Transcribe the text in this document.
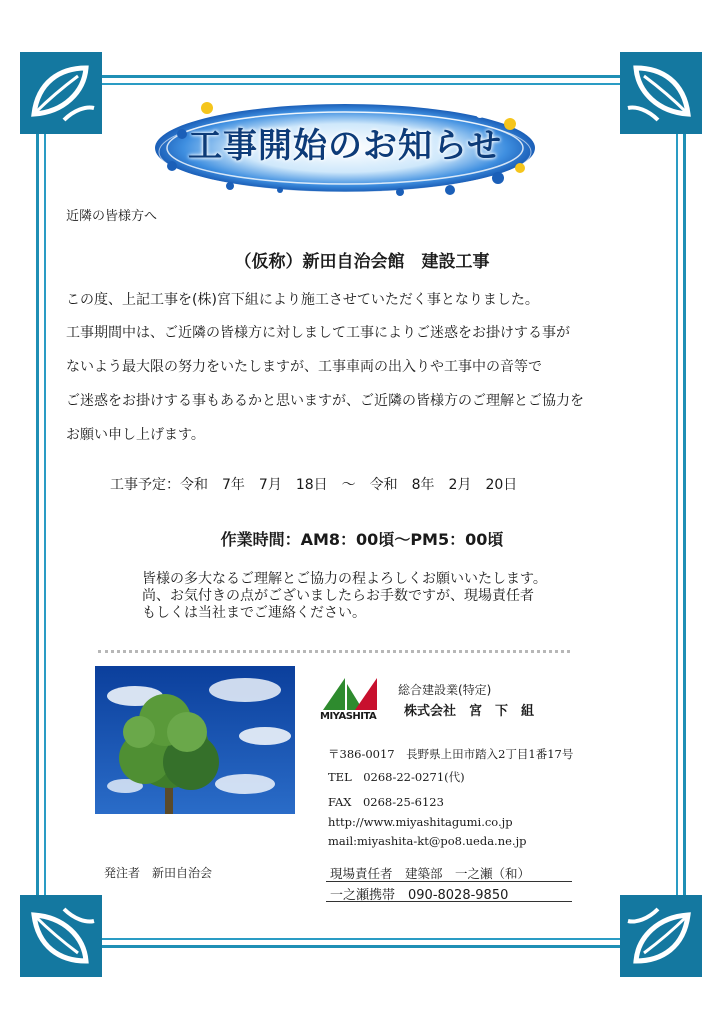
工事開始のお知らせ
近隣の皆様方へ
（仮称）新田自治会館　建設工事
この度、上記工事を(株)宮下組により施工させていただく事となりました。
工事期間中は、ご近隣の皆様方に対しまして工事によりご迷惑をお掛けする事が
ないよう最大限の努力をいたしますが、工事車両の出入りや工事中の音等で
ご迷惑をお掛けする事もあるかと思いますが、ご近隣の皆様方のご理解とご協力を
お願い申し上げます。
工事予定：令和　7年　7月　18日　～　令和　8年　2月　20日
作業時間：AM8：00頃～PM5：00頃
皆様の多大なるご理解とご協力の程よろしくお願いいたします。
尚、お気付きの点がございましたらお手数ですが、現場責任者
もしくは当社までご連絡ください。
MIYASHITA
総合建設業(特定)
株式会社　宮　下　組
〒386-0017　長野県上田市踏入2丁目1番17号
TEL　0268-22-0271(代)
FAX　0268-25-6123
http://www.miyashitagumi.co.jp
mail:miyashita-kt@po8.ueda.ne.jp
発注者　新田自治会	現場責任者　建築部　一之瀬（和）
一之瀬携帯　090-8028-9850
